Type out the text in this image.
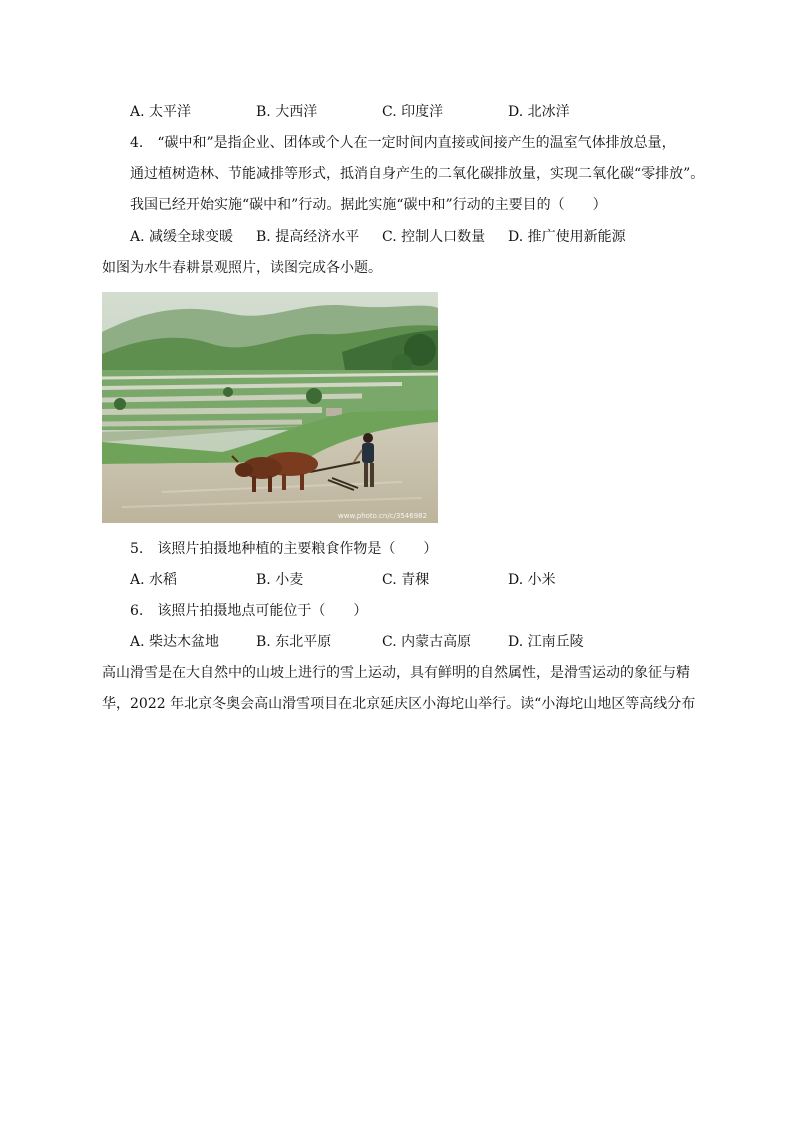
A. 太平洋	B. 大西洋	C. 印度洋	D. 北冰洋
4.　“碳中和”是指企业、团体或个人在一定时间内直接或间接产生的温室气体排放总量，
通过植树造林、节能减排等形式，抵消自身产生的二氧化碳排放量，实现二氧化碳“零排放”。
我国已经开始实施“碳中和”行动。据此实施“碳中和”行动的主要目的（　　）
A. 减缓全球变暖 B. 提高经济水平 C. 控制人口数量 D. 推广使用新能源
如图为水牛春耕景观照片，读图完成各小题。
www.photo.cn/c/3546982
5.　该照片拍摄地种植的主要粮食作物是（　　）
A. 水稻	B. 小麦	C. 青稞	D. 小米
6.　该照片拍摄地点可能位于（　　）
A. 柴达木盆地	B. 东北平原	C. 内蒙古高原	D. 江南丘陵
高山滑雪是在大自然中的山坡上进行的雪上运动，具有鲜明的自然属性，是滑雪运动的象征与精
华，2022 年北京冬奥会高山滑雪项目在北京延庆区小海坨山举行。读“小海坨山地区等高线分布
